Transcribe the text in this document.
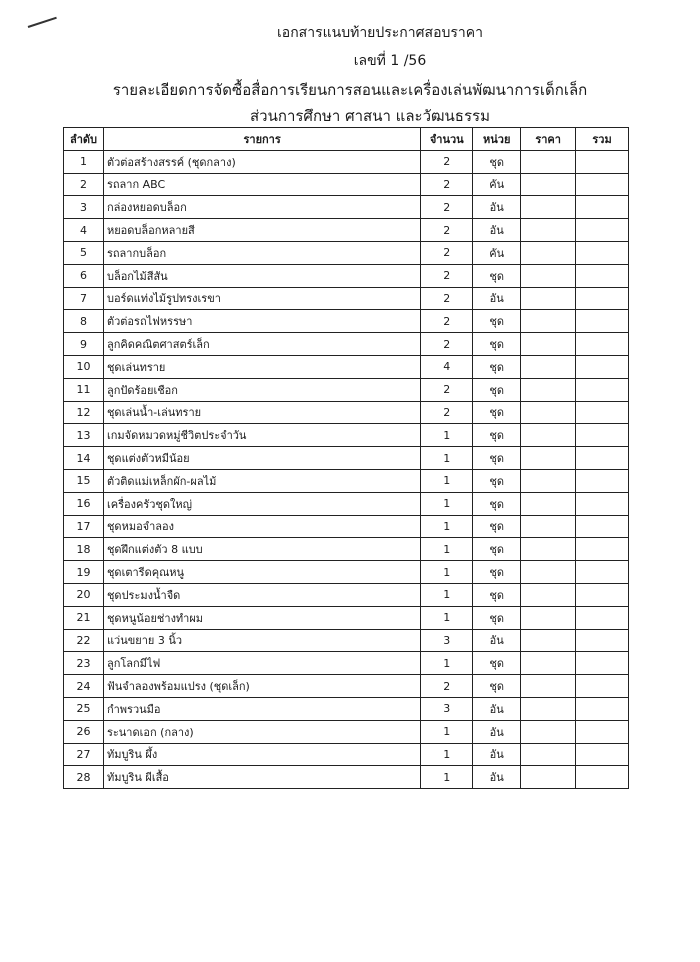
เอกสารแนบท้ายประกาศสอบราคา
เลขที่ 1 /56
รายละเอียดการจัดซื้อสื่อการเรียนการสอนและเครื่องเล่นพัฒนาการเด็กเล็ก
ส่วนการศึกษา ศาสนา และวัฒนธรรม
ลำดับ	รายการ	จำนวน	หน่วย	ราคา	รวม
1	ตัวต่อสร้างสรรค์ (ชุดกลาง)	2	ชุด		
2	รถลาก ABC	2	คัน		
3	กล่องหยอดบล็อก	2	อัน		
4	หยอดบล็อกหลายสี	2	อัน		
5	รถลากบล็อก	2	คัน		
6	บล็อกไม้สีสัน	2	ชุด		
7	บอร์ดแท่งไม้รูปทรงเรขา	2	อัน		
8	ตัวต่อรถไฟหรรษา	2	ชุด		
9	ลูกคิดคณิตศาสตร์เล็ก	2	ชุด		
10	ชุดเล่นทราย	4	ชุด		
11	ลูกปัดร้อยเชือก	2	ชุด		
12	ชุดเล่นน้ำ-เล่นทราย	2	ชุด		
13	เกมจัดหมวดหมู่ชีวิตประจำวัน	1	ชุด		
14	ชุดแต่งตัวหมีน้อย	1	ชุด		
15	ตัวติดแม่เหล็กผัก-ผลไม้	1	ชุด		
16	เครื่องครัวชุดใหญ่	1	ชุด		
17	ชุดหมอจำลอง	1	ชุด		
18	ชุดฝึกแต่งตัว 8 แบบ	1	ชุด		
19	ชุดเตารีดคุณหนู	1	ชุด		
20	ชุดประมงน้ำจืด	1	ชุด		
21	ชุดหนูน้อยช่างทำผม	1	ชุด		
22	แว่นขยาย 3 นิ้ว	3	อัน		
23	ลูกโลกมีไฟ	1	ชุด		
24	ฟันจำลองพร้อมแปรง (ชุดเล็ก)	2	ชุด		
25	กำพรวนมือ	3	อัน		
26	ระนาดเอก (กลาง)	1	อัน		
27	ทัมบูริน ผึ้ง	1	อัน		
28	ทัมบูริน ผีเสื้อ	1	อัน		
